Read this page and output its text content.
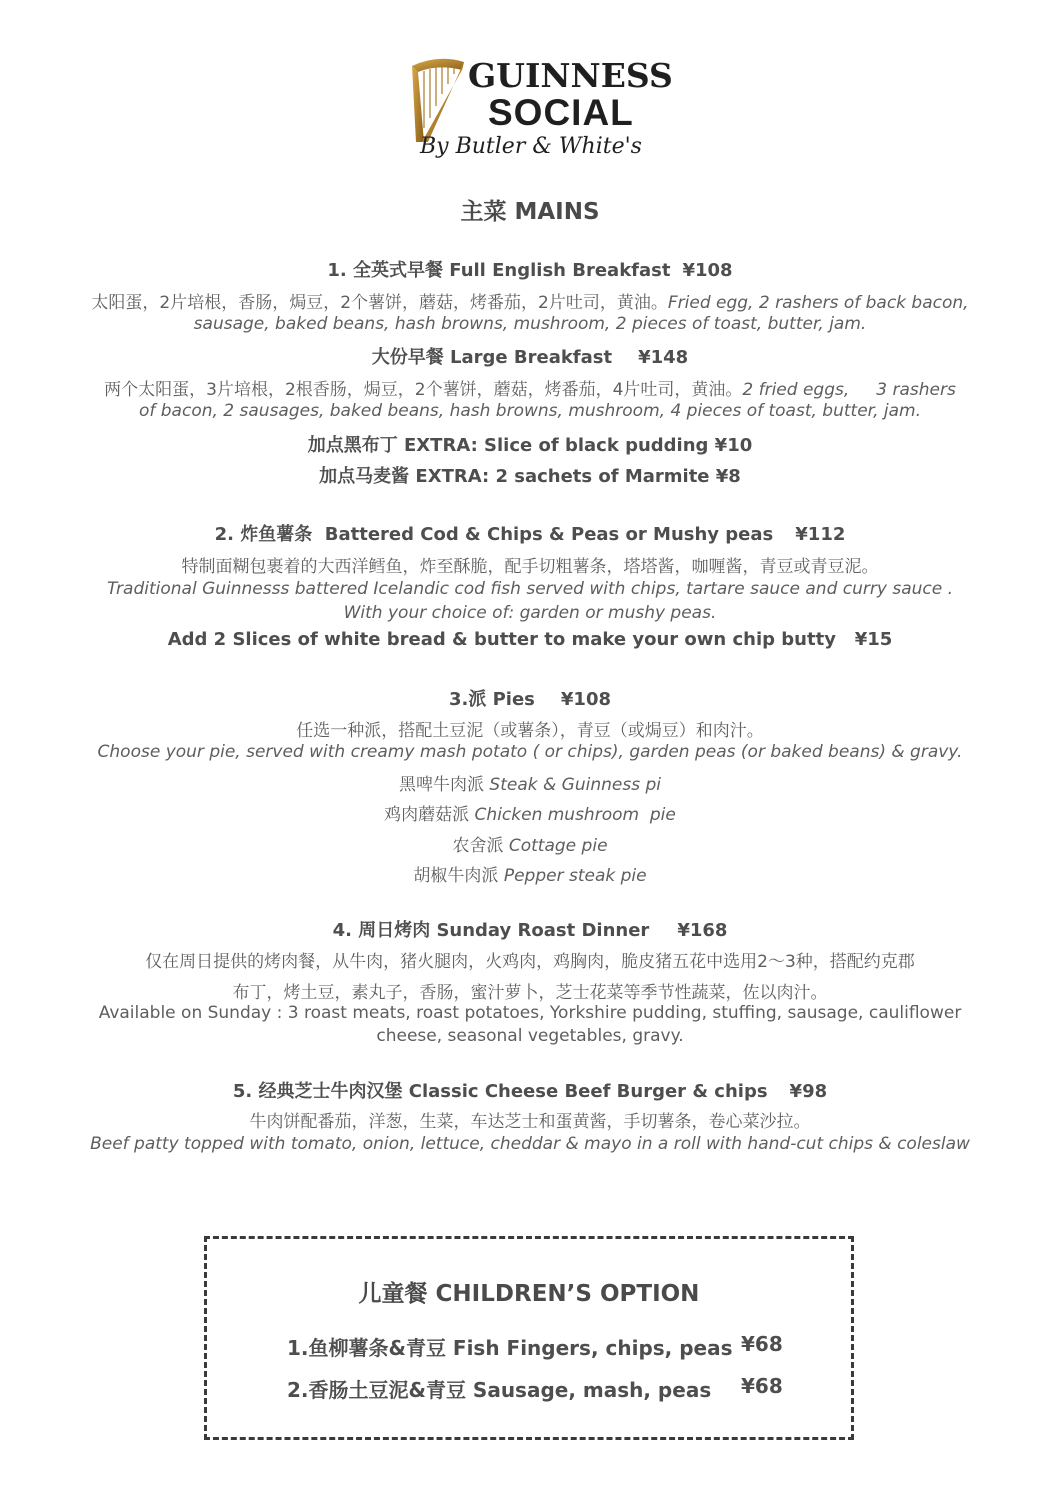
GUINNESS
SOCIAL
By Butler & White's
主菜 MAINS
1. 全英式早餐 Full English Breakfast ¥108
太阳蛋，2片培根，香肠，焗豆，2个薯饼，蘑菇，烤番茄，2片吐司，黄油。Fried egg, 2 rashers of back bacon,
sausage, baked beans, hash browns, mushroom, 2 pieces of toast, butter, jam.
大份早餐 Large Breakfast ¥148
两个太阳蛋，3片培根，2根香肠，焗豆，2个薯饼，蘑菇，烤番茄，4片吐司，黄油。2 fried eggs,     3 rashers
of bacon, 2 sausages, baked beans, hash browns, mushroom, 4 pieces of toast, butter, jam.
加点黑布丁 EXTRA: Slice of black pudding ¥10
加点马麦酱 EXTRA: 2 sachets of Marmite ¥8
2. 炸鱼薯条  Battered Cod & Chips & Peas or Mushy peas ¥112
特制面糊包裹着的大西洋鳕鱼，炸至酥脆，配手切粗薯条，塔塔酱，咖喱酱，青豆或青豆泥。
Traditional Guinnesss battered Icelandic cod fish served with chips, tartare sauce and curry sauce .
With your choice of: garden or mushy peas.
Add 2 Slices of white bread & butter to make your own chip butty   ¥15
3.派 Pies ¥108
任选一种派，搭配土豆泥（或薯条），青豆（或焗豆）和肉汁。
Choose your pie, served with creamy mash potato ( or chips), garden peas (or baked beans) & gravy.
黑啤牛肉派 Steak & Guinness pi
鸡肉蘑菇派 Chicken mushroom  pie
农舍派 Cottage pie
胡椒牛肉派 Pepper steak pie
4. 周日烤肉 Sunday Roast Dinner ¥168
仅在周日提供的烤肉餐，从牛肉，猪火腿肉，火鸡肉，鸡胸肉，脆皮猪五花中选用2～3种，搭配约克郡
布丁，烤土豆，素丸子，香肠，蜜汁萝卜，芝士花菜等季节性蔬菜，佐以肉汁。
Available on Sunday : 3 roast meats, roast potatoes, Yorkshire pudding, stuffing, sausage, cauliflower
cheese, seasonal vegetables, gravy.
5. 经典芝士牛肉汉堡 Classic Cheese Beef Burger & chips ¥98
牛肉饼配番茄，洋葱，生菜，车达芝士和蛋黄酱，手切薯条，卷心菜沙拉。
Beef patty topped with tomato, onion, lettuce, cheddar & mayo in a roll with hand-cut chips & coleslaw
儿童餐 CHILDREN’S OPTION
1.鱼柳薯条&青豆 Fish Fingers, chips, peas ¥68
2.香肠土豆泥&青豆 Sausage, mash, peas ¥68
